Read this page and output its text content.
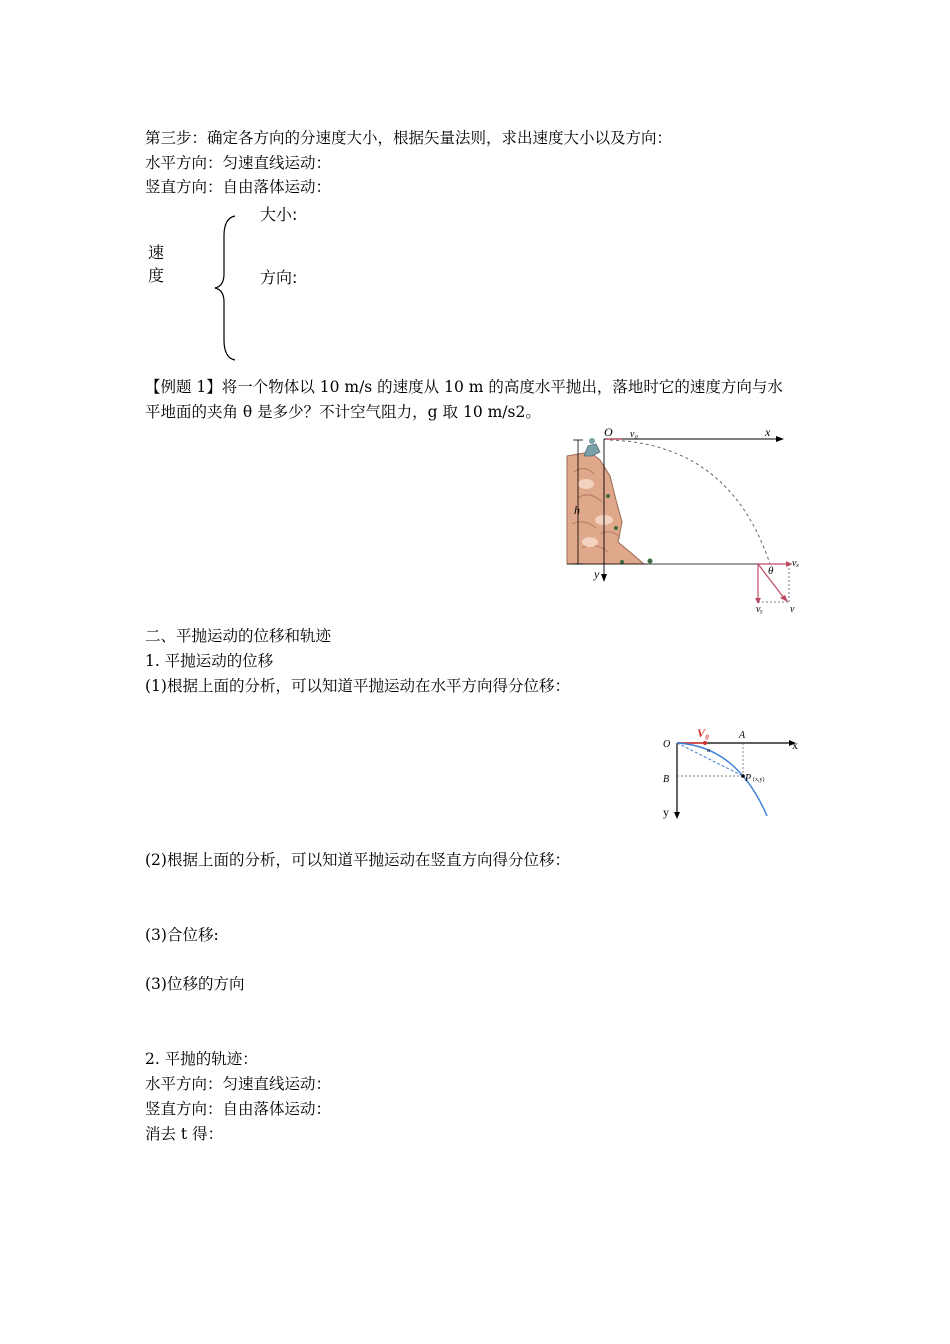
第三步：确定各方向的分速度大小，根据矢量法则，求出速度大小以及方向：
水平方向：匀速直线运动：
竖直方向：自由落体运动：
速
度
大小:
方向:
【例题 1】将一个物体以 10 m/s 的速度从 10 m 的高度水平抛出，落地时它的速度方向与水
平地面的夹角 θ 是多少？不计空气阻力，g 取 10 m/s2。
h
O v₀	x
y	θ
vₓ
vᵧ	v
二、平抛运动的位移和轨迹
1. 平抛运动的位移
(1)根据上面的分析，可以知道平抛运动在水平方向得分位移：
O	x
y
V₀	A
B	P (x,y)
α
(2)根据上面的分析，可以知道平抛运动在竖直方向得分位移：
(3)合位移:
(3)位移的方向
2. 平抛的轨迹：
水平方向：匀速直线运动：
竖直方向：自由落体运动：
消去 t 得：
